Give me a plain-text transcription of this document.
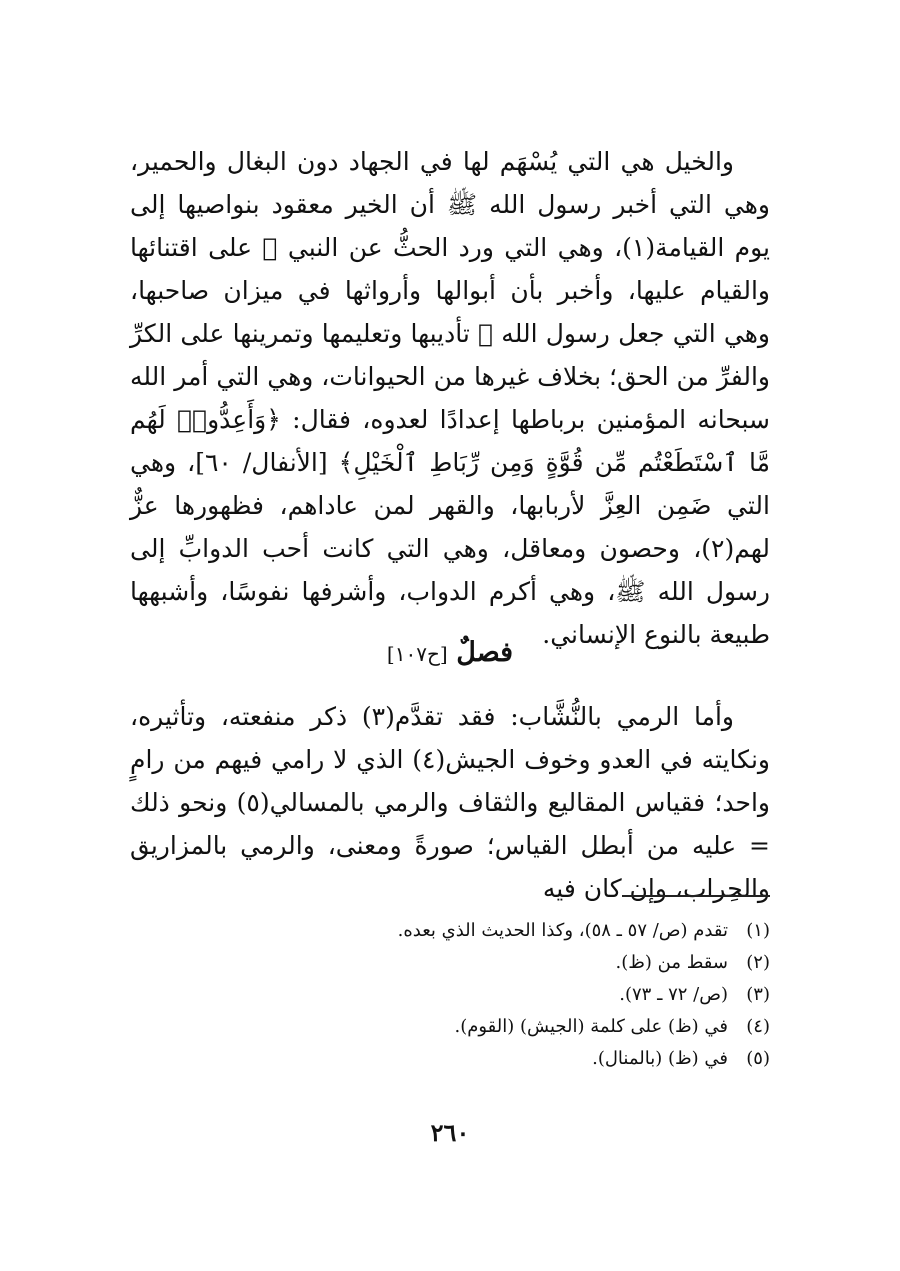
والخيل هي التي يُسْهَم لها في الجهاد دون البغال والحمير، وهي التي أخبر رسول الله ﷺ أن الخير معقود بنواصيها إلى يوم القيامة(١)، وهي التي ورد الحثُّ عن النبي ﷺ على اقتنائها والقيام عليها، وأخبر بأن أبوالها وأرواثها في ميزان صاحبها، وهي التي جعل رسول الله ﷺ تأديبها وتعليمها وتمرينها على الكرِّ والفرِّ من الحق؛ بخلاف غيرها من الحيوانات، وهي التي أمر الله سبحانه المؤمنين برباطها إعدادًا لعدوه، فقال: ﴿وَأَعِدُّوا۟ لَهُم مَّا ٱسْتَطَعْتُم مِّن قُوَّةٍ وَمِن رِّبَاطِ ٱلْخَيْلِ﴾ [الأنفال/ ٦٠]، وهي التي ضَمِن العِزَّ لأربابها، والقهر لمن عاداهم، فظهورها عزٌّ لهم(٢)، وحصون ومعاقل، وهي التي كانت أحب الدوابِّ إلى رسول الله ﷺ، وهي أكرم الدواب، وأشرفها نفوسًا، وأشبهها طبيعة بالنوع الإنساني.

فصلٌ [ح١٠٧]

وأما الرمي بالنُّشَّاب: فقد تقدَّم(٣) ذكر منفعته، وتأثيره، ونكايته في العدو وخوف الجيش(٤) الذي لا رامي فيهم من رامٍ واحد؛ فقياس المقاليع والثقاف والرمي بالمسالي(٥) ونحو ذلك = عليه من أبطل القياس؛ صورةً ومعنى، والرمي بالمزاريق والحِراب، وإن كان فيه

(١)
تقدم (ص/ ٥٧ ـ ٥٨)، وكذا الحديث الذي بعده.
(٢)
سقط من (ظ).
(٣)
(ص/ ٧٢ ـ ٧٣).
(٤)
في (ظ) على كلمة (الجيش) (القوم).
(٥)
في (ظ) (بالمنال).
٢٦٠
